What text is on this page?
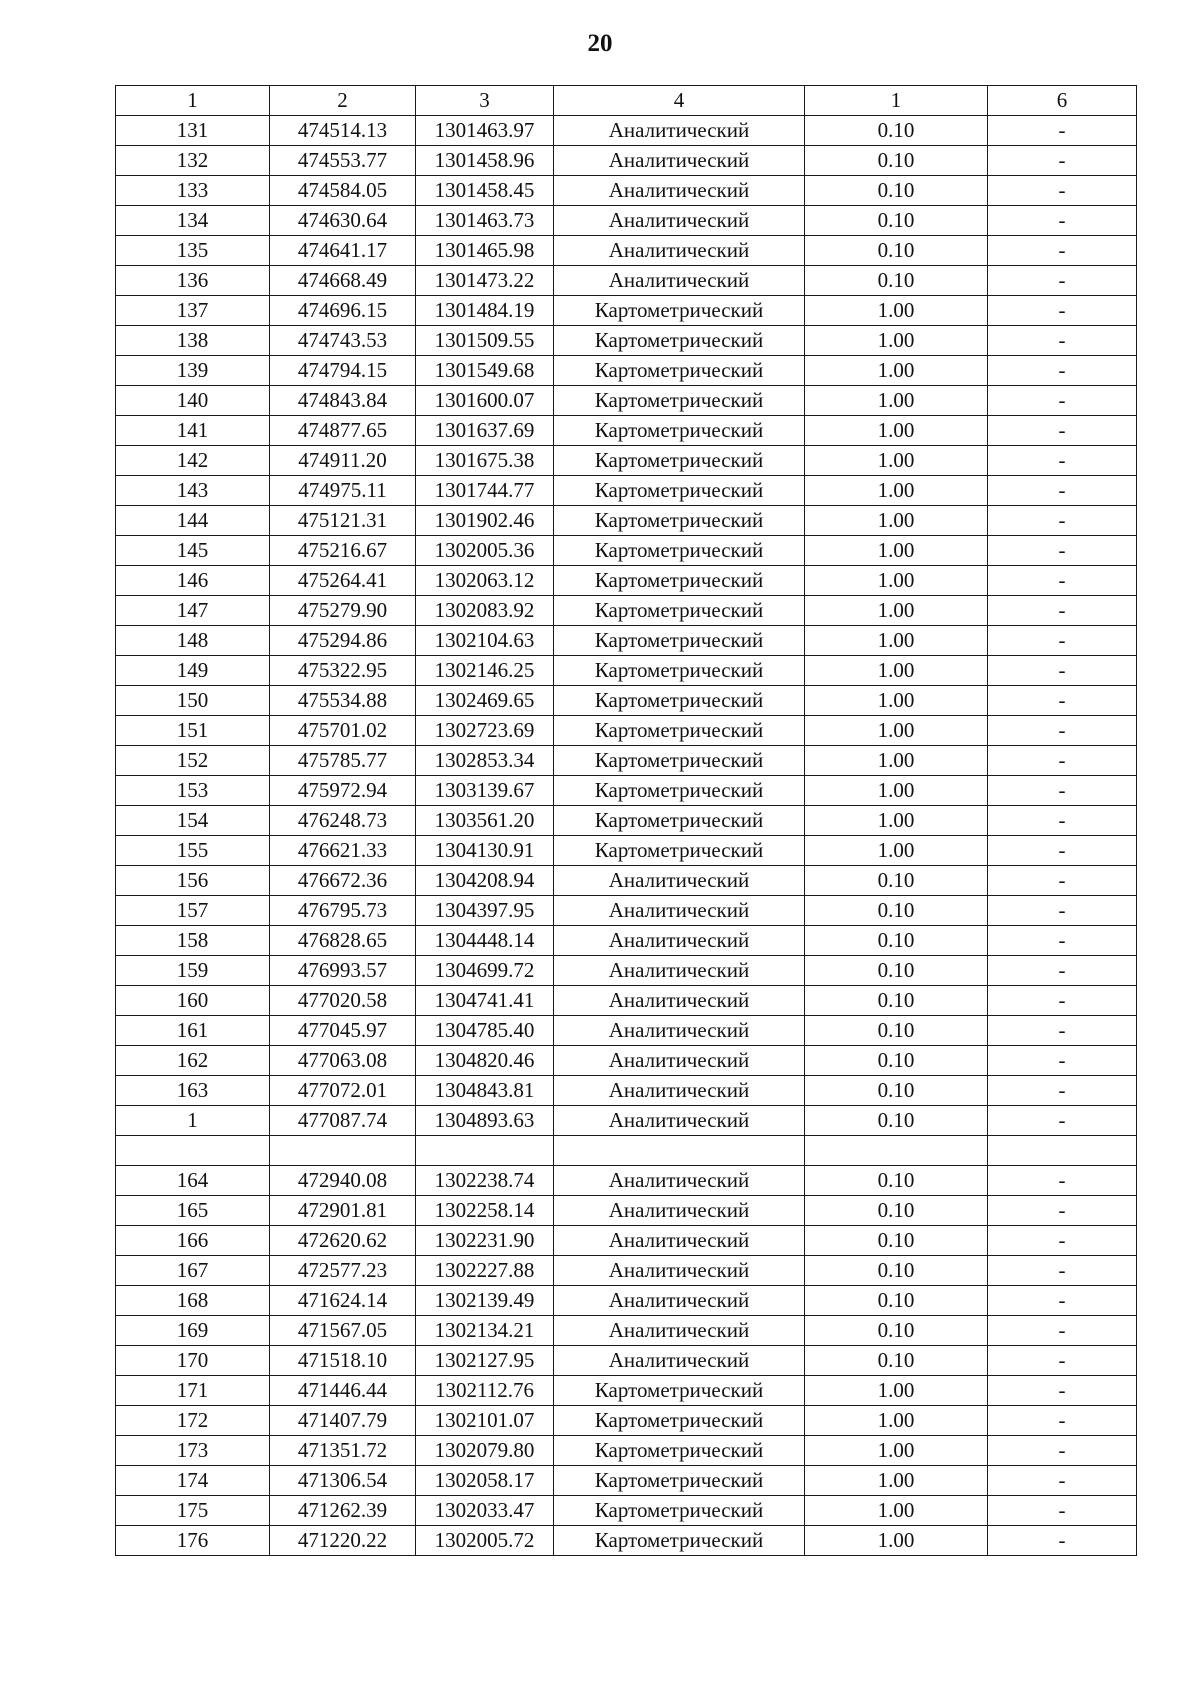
20
1	2	3	4	1	6
131	474514.13	1301463.97	Аналитический	0.10	-
132	474553.77	1301458.96	Аналитический	0.10	-
133	474584.05	1301458.45	Аналитический	0.10	-
134	474630.64	1301463.73	Аналитический	0.10	-
135	474641.17	1301465.98	Аналитический	0.10	-
136	474668.49	1301473.22	Аналитический	0.10	-
137	474696.15	1301484.19	Картометрический	1.00	-
138	474743.53	1301509.55	Картометрический	1.00	-
139	474794.15	1301549.68	Картометрический	1.00	-
140	474843.84	1301600.07	Картометрический	1.00	-
141	474877.65	1301637.69	Картометрический	1.00	-
142	474911.20	1301675.38	Картометрический	1.00	-
143	474975.11	1301744.77	Картометрический	1.00	-
144	475121.31	1301902.46	Картометрический	1.00	-
145	475216.67	1302005.36	Картометрический	1.00	-
146	475264.41	1302063.12	Картометрический	1.00	-
147	475279.90	1302083.92	Картометрический	1.00	-
148	475294.86	1302104.63	Картометрический	1.00	-
149	475322.95	1302146.25	Картометрический	1.00	-
150	475534.88	1302469.65	Картометрический	1.00	-
151	475701.02	1302723.69	Картометрический	1.00	-
152	475785.77	1302853.34	Картометрический	1.00	-
153	475972.94	1303139.67	Картометрический	1.00	-
154	476248.73	1303561.20	Картометрический	1.00	-
155	476621.33	1304130.91	Картометрический	1.00	-
156	476672.36	1304208.94	Аналитический	0.10	-
157	476795.73	1304397.95	Аналитический	0.10	-
158	476828.65	1304448.14	Аналитический	0.10	-
159	476993.57	1304699.72	Аналитический	0.10	-
160	477020.58	1304741.41	Аналитический	0.10	-
161	477045.97	1304785.40	Аналитический	0.10	-
162	477063.08	1304820.46	Аналитический	0.10	-
163	477072.01	1304843.81	Аналитический	0.10	-
1	477087.74	1304893.63	Аналитический	0.10	-

164	472940.08	1302238.74	Аналитический	0.10	-
165	472901.81	1302258.14	Аналитический	0.10	-
166	472620.62	1302231.90	Аналитический	0.10	-
167	472577.23	1302227.88	Аналитический	0.10	-
168	471624.14	1302139.49	Аналитический	0.10	-
169	471567.05	1302134.21	Аналитический	0.10	-
170	471518.10	1302127.95	Аналитический	0.10	-
171	471446.44	1302112.76	Картометрический	1.00	-
172	471407.79	1302101.07	Картометрический	1.00	-
173	471351.72	1302079.80	Картометрический	1.00	-
174	471306.54	1302058.17	Картометрический	1.00	-
175	471262.39	1302033.47	Картометрический	1.00	-
176	471220.22	1302005.72	Картометрический	1.00	-
